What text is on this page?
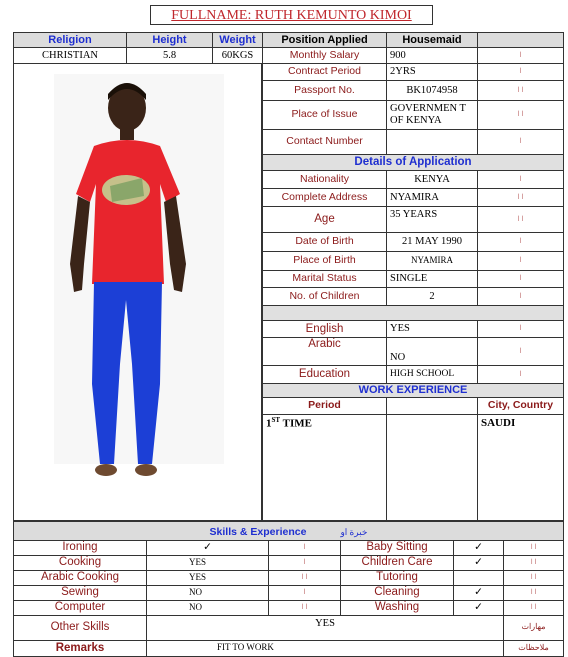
FULLNAME: RUTH KEMUNTO KIMOI
Religion	Height	Weight
CHRISTIAN	5.8	60KGS
Position Applied	Housemaid	
Monthly Salary	900	ا
Contract Period	2YRS	ا
Passport No.	BK1074958	ا ا
Place of Issue	GOVERNMEN T OF KENYA	ا ا
Contact Number		ا
Details of Application		
Nationality	KENYA	ا
Complete Address	NYAMIRA	ا ا
Age	35 YEARS	ا ا
Date of Birth	21 MAY 1990	ا
Place of Birth	NYAMIRA	ا
Marital Status	SINGLE	ا
No. of Children	2	ا

English	YES	ا
Arabic	NO	ا
Education	HIGH SCHOOL	ا
WORK EXPERIENCE		
Period		City, Country
1ST TIME		SAUDI
Skills & Experience خبرة او					
Ironing	✓	ا	Baby Sitting	✓	ا ا
Cooking	YES	ا	Children Care	✓	ا ا
Arabic Cooking	YES	ا ا	Tutoring		ا ا
Sewing	NO	ا	Cleaning	✓	ا ا
Computer	NO	ا ا	Washing	✓	ا ا
Other Skills	YES				مهارات
Remarks	FIT TO WORK				ملاحظات
